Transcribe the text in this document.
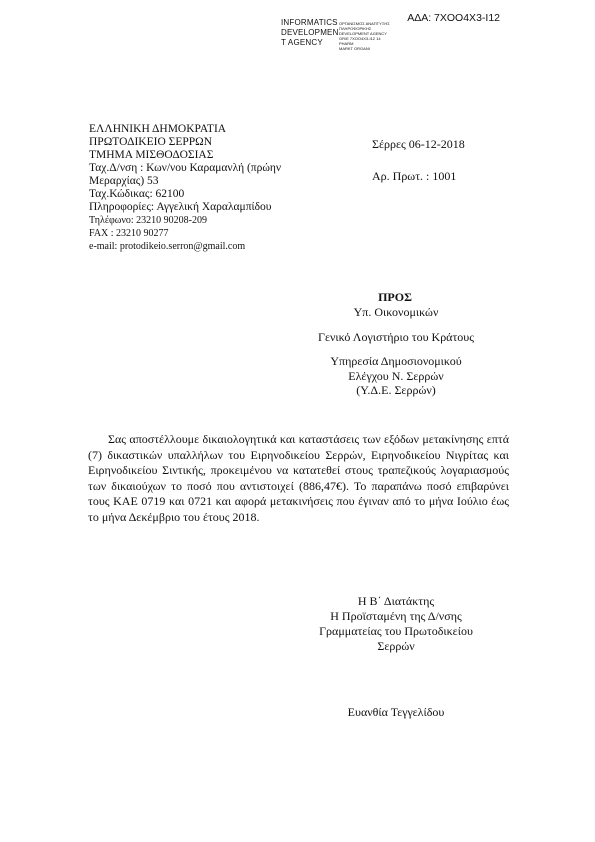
ΑΔΑ: 7ΧΟΟ4Χ3-Ι12
INFORMATICS
DEVELOPMEN
T AGENCY
ΟΡΓΑΝΙΣΜΟΣ ΑΝΑΠΤΥΞΗΣ
ΠΛΗΡΟΦΟΡΙΚΗΣ
DEVELOPMENT AGENCY
GR/Ε 7ΧΟΟ4Χ3-Ι12 14
PHARM
MARKT ORGANI
ΕΛΛΗΝΙΚΗ ΔΗΜΟΚΡΑΤΙΑ
ΠΡΩΤΟΔΙΚΕΙΟ ΣΕΡΡΩΝ
ΤΜΗΜΑ ΜΙΣΘΟΔΟΣΙΑΣ
Ταχ.Δ/νση : Κων/νου Καραμανλή (πρώην
Μεραρχίας) 53
Ταχ.Κώδικας: 62100
Πληροφορίες: Αγγελική Χαραλαμπίδου
Τηλέφωνο: 23210 90208-209
FAX : 23210 90277
e-mail: protodikeio.serron@gmail.com
Σέρρες 06-12-2018
Αρ. Πρωτ. : 1001
ΠΡΟΣ
Υπ. Οικονομικών
Γενικό Λογιστήριο του Κράτους
Υπηρεσία Δημοσιονομικού
Ελέγχου Ν. Σερρών
(Υ.Δ.Ε. Σερρών)

Σας αποστέλλουμε δικαιολογητικά και καταστάσεις των εξόδων μετακίνησης επτά (7) δικαστικών υπαλλήλων του Ειρηνοδικείου Σερρών, Ειρηνοδικείου Νιγρίτας και Ειρηνοδικείου Σιντικής, προκειμένου να κατατεθεί στους τραπεζικούς λογαριασμούς των δικαιούχων το ποσό που αντιστοιχεί (886,47€). Το παραπάνω ποσό επιβαρύνει τους ΚΑΕ 0719 και 0721 και αφορά μετακινήσεις που έγιναν από το μήνα Ιούλιο έως το μήνα Δεκέμβριο του έτους 2018.

Η Β΄ Διατάκτης
Η Προϊσταμένη της Δ/νσης
Γραμματείας του Πρωτοδικείου
Σερρών
Ευανθία Τεγγελίδου
